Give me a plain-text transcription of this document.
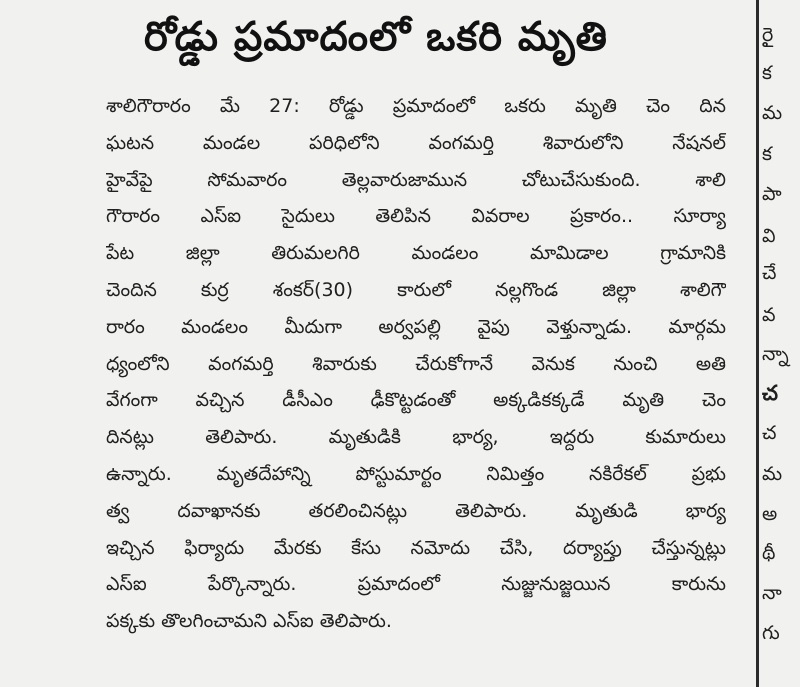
రోడ్డు ప్రమాదంలో ఒకరి మృతి
శాలిగౌరారం మే 27: రోడ్డు ప్రమాదంలో ఒకరు మృతి చెం దిన
ఘటన మండల పరిధిలోని వంగమర్తి శివారులోని నేషనల్
హైవేపై సోమవారం తెల్లవారుజామున చోటుచేసుకుంది. శాలి
గౌరారం ఎస్ఐ సైదులు తెలిపిన వివరాల ప్రకారం.. సూర్యా
పేట జిల్లా తిరుమలగిరి మండలం మామిడాల గ్రామానికి
చెందిన కుర్ర శంకర్(30) కారులో నల్లగొండ జిల్లా శాలిగౌ
రారం మండలం మీదుగా అర్వపల్లి వైపు వెళ్తున్నాడు. మార్గమ
ధ్యంలోని వంగమర్తి శివారుకు చేరుకోగానే వెనుక నుంచి అతి
వేగంగా వచ్చిన డీసీఎం ఢీకొట్టడంతో అక్కడికక్కడే మృతి చెం
దినట్లు తెలిపారు. మృతుడికి భార్య, ఇద్దరు కుమారులు
ఉన్నారు. మృతదేహాన్ని పోస్టుమార్టం నిమిత్తం నకిరేకల్ ప్రభు
త్వ దవాఖానకు తరలించినట్లు తెలిపారు. మృతుడి భార్య
ఇచ్చిన ఫిర్యాదు మేరకు కేసు నమోదు చేసి, దర్యాప్తు చేస్తున్నట్లు
ఎస్ఐ పేర్కొన్నారు. ప్రమాదంలో నుజ్జునుజ్జయిన కారును
పక్కకు తొలగించామని ఎస్ఐ తెలిపారు.
రైౖ
క
మ
క
పా
వి
చే
వ
న్నా
చ
చ
మ
అ
థీ
నా
గు
